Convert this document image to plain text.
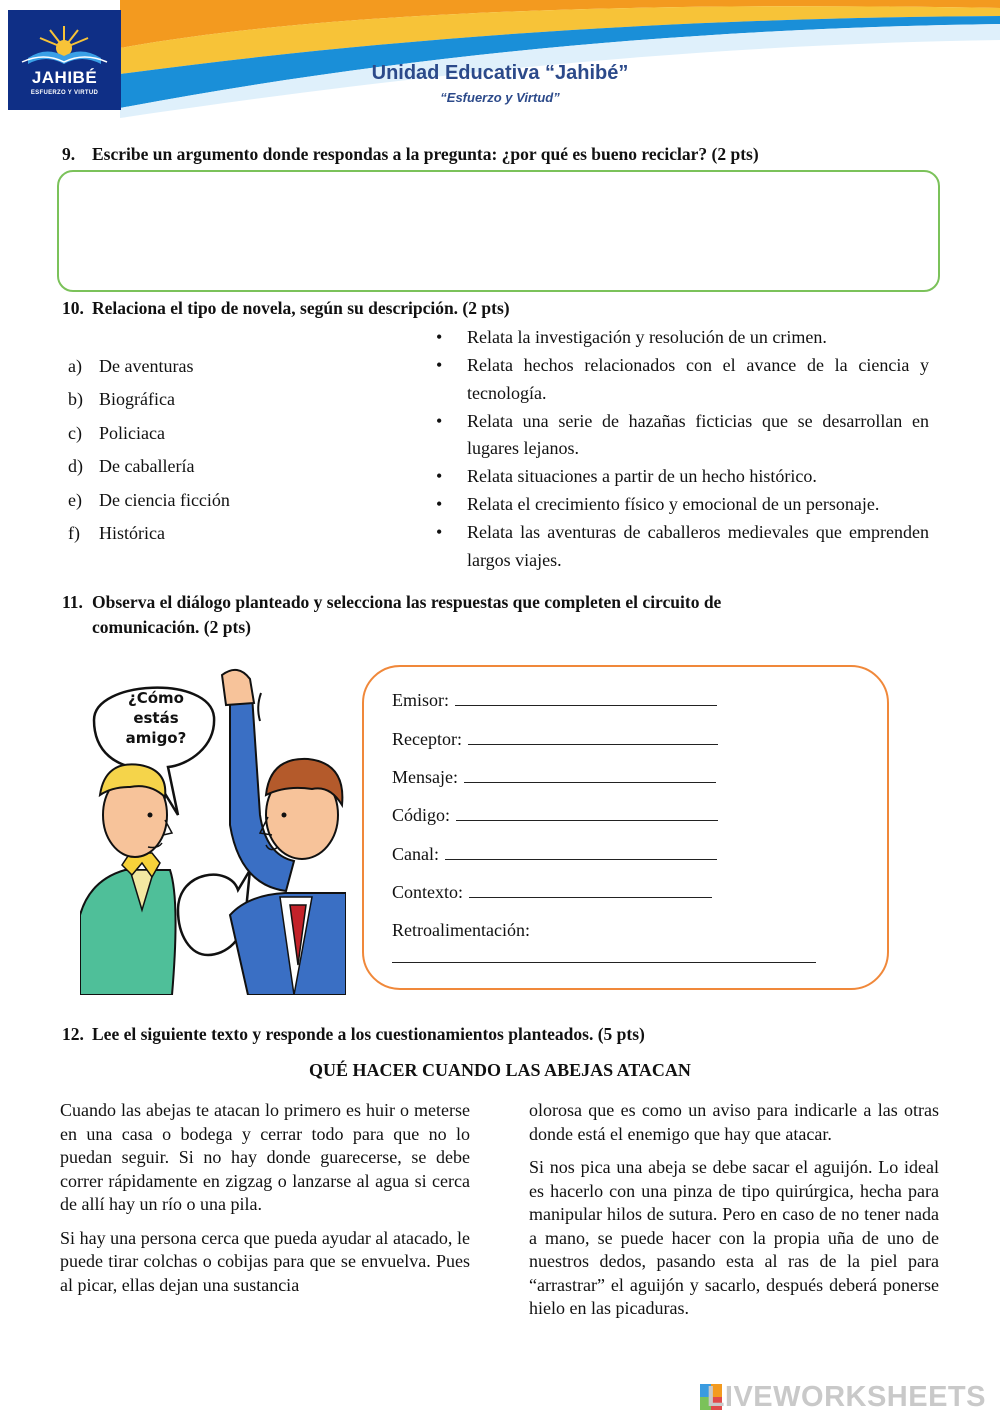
JAHIBÉ
ESFUERZO Y VIRTUD
Unidad Educativa “Jahibé”
“Esfuerzo y Virtud”
9. Escribe un argumento donde respondas a la pregunta: ¿por qué es bueno reciclar? (2 pts)
10. Relaciona el tipo de novela, según su descripción. (2 pts)
a) De aventuras
b) Biográfica
c) Policiaca
d) De caballería
e) De ciencia ficción
f) Histórica
• Relata la investigación y resolución de un crimen.
• Relata hechos relacionados con el avance de la ciencia y tecnología.
• Relata una serie de hazañas ficticias que se desarrollan en lugares lejanos.
• Relata situaciones a partir de un hecho histórico.
• Relata el crecimiento físico y emocional de un personaje.
• Relata las aventuras de caballeros medievales que emprenden largos viajes.
11. Observa el diálogo planteado y selecciona las respuestas que completen el circuito de
comunicación. (2 pts)
¿Cómo
estás
amigo?
Emisor:
Receptor:
Mensaje:
Código:
Canal:
Contexto:
Retroalimentación:
12. Lee el siguiente texto y responde a los cuestionamientos planteados. (5 pts)
QUÉ HACER CUANDO LAS ABEJAS ATACAN

Cuando las abejas te atacan lo primero es huir o meterse en una casa o bodega y cerrar todo para que no lo puedan seguir. Si no hay donde guarecerse, se debe correr rápidamente en zigzag o lanzarse al agua si cerca de allí hay un río o una pila.

Si hay una persona cerca que pueda ayudar al atacado, le puede tirar colchas o cobijas para que se envuelva. Pues al picar, ellas dejan una sustancia

olorosa que es como un aviso para indicarle a las otras donde está el enemigo que hay que atacar.

Si nos pica una abeja se debe sacar el aguijón. Lo ideal es hacerlo con una pinza de tipo quirúrgica, hecha para manipular hilos de sutura. Pero en caso de no tener nada a mano, se puede hacer con la propia uña de uno de nuestros dedos, pasando esta al ras de la piel para “arrastrar” el aguijón y sacarlo, después deberá ponerse hielo en las picaduras.

LIVEWORKSHEETS
